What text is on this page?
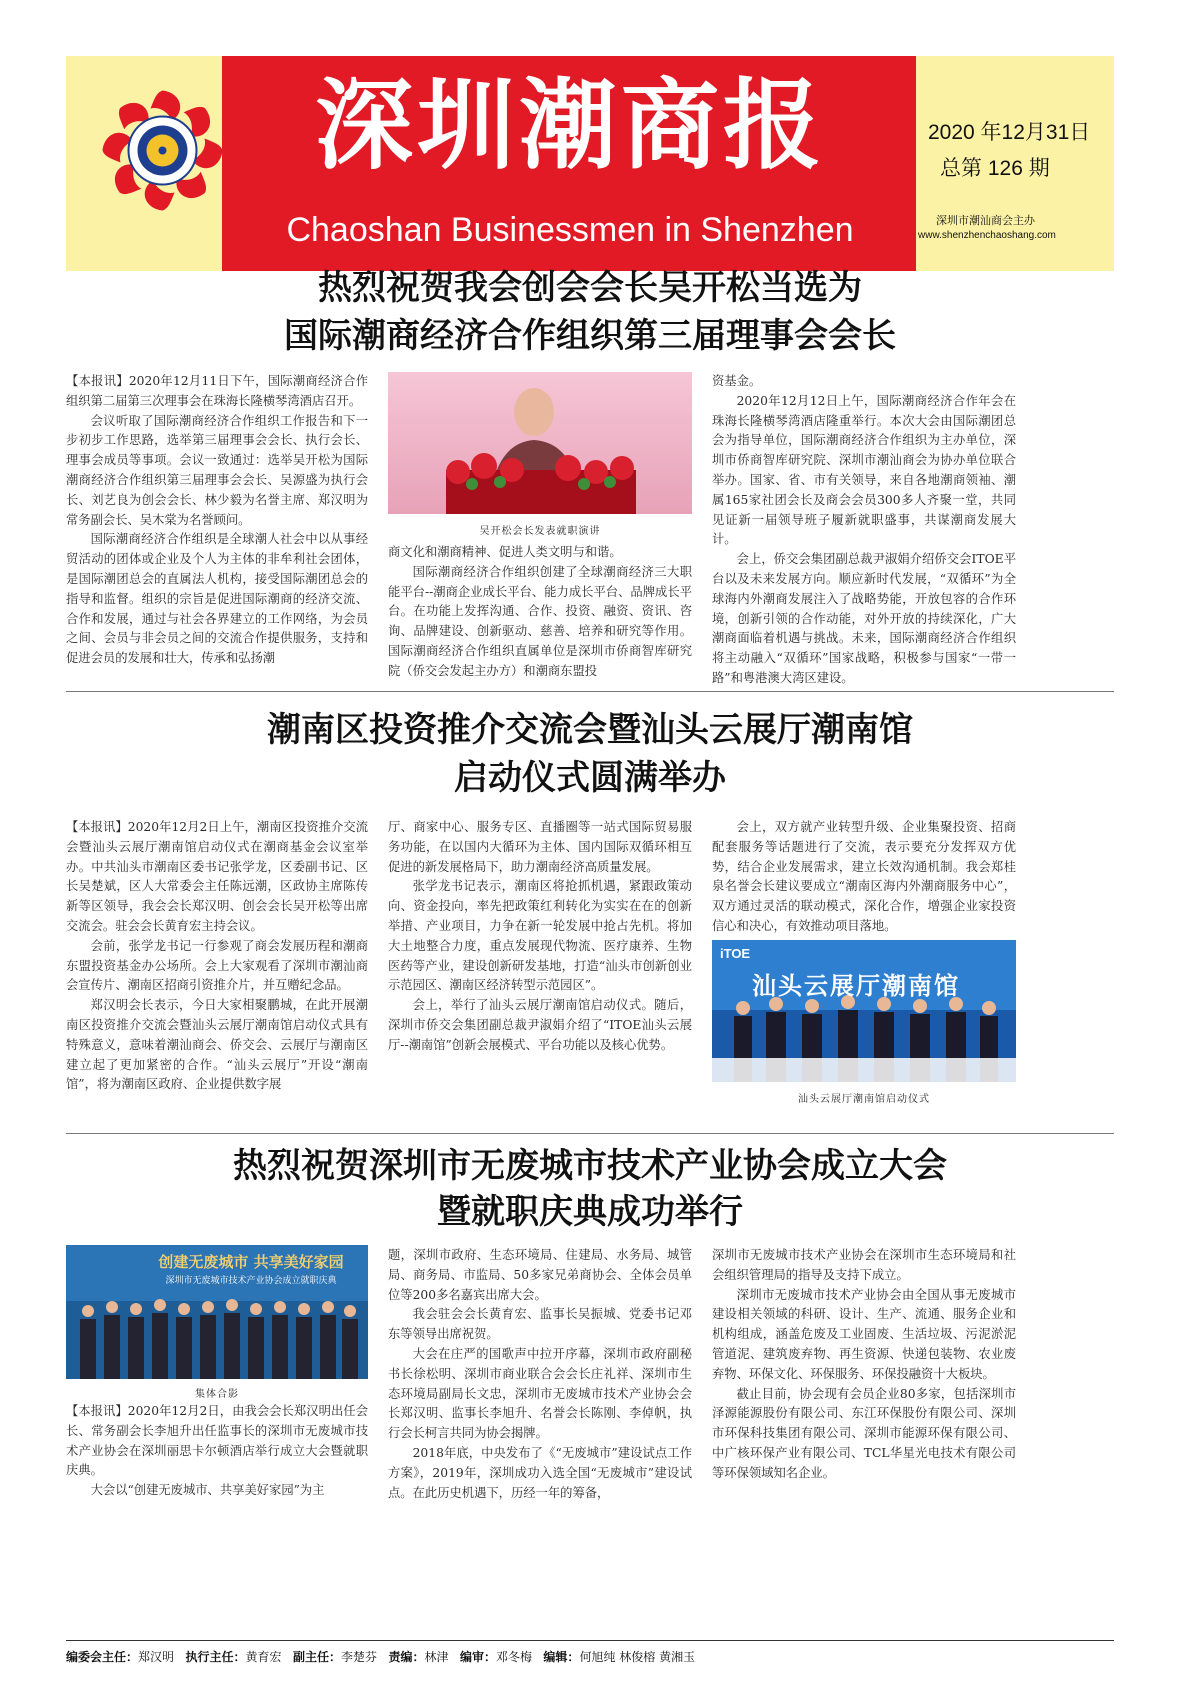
深圳潮商报
Chaoshan Businessmen in Shenzhen
2020 年12月31日
总第 126 期
深圳市潮汕商会主办
www.shenzhenchaoshang.com
热烈祝贺我会创会会长吴开松当选为
国际潮商经济合作组织第三届理事会会长

【本报讯】2020年12月11日下午，国际潮商经济合作组织第二届第三次理事会在珠海长隆横琴湾酒店召开。

会议听取了国际潮商经济合作组织工作报告和下一步初步工作思路，选举第三届理事会会长、执行会长、理事会成员等事项。会议一致通过：选举吴开松为国际潮商经济合作组织第三届理事会会长、吴源盛为执行会长、刘艺良为创会会长、林少毅为名誉主席、郑汉明为常务副会长、吴木棠为名誉顾问。

国际潮商经济合作组织是全球潮人社会中以从事经贸活动的团体或企业及个人为主体的非牟利社会团体，是国际潮团总会的直属法人机构，接受国际潮团总会的指导和监督。组织的宗旨是促进国际潮商的经济交流、合作和发展，通过与社会各界建立的工作网络，为会员之间、会员与非会员之间的交流合作提供服务，支持和促进会员的发展和壮大，传承和弘扬潮

吴开松会长发表就职演讲

商文化和潮商精神、促进人类文明与和谐。

国际潮商经济合作组织创建了全球潮商经济三大职能平台--潮商企业成长平台、能力成长平台、品牌成长平台。在功能上发挥沟通、合作、投资、融资、资讯、咨询、品牌建设、创新驱动、慈善、培养和研究等作用。国际潮商经济合作组织直属单位是深圳市侨商智库研究院（侨交会发起主办方）和潮商东盟投

资基金。

2020年12月12日上午，国际潮商经济合作年会在珠海长隆横琴湾酒店隆重举行。本次大会由国际潮团总会为指导单位，国际潮商经济合作组织为主办单位，深圳市侨商智库研究院、深圳市潮汕商会为协办单位联合举办。国家、省、市有关领导，来自各地潮商领袖、潮属165家社团会长及商会会员300多人齐聚一堂，共同见证新一届领导班子履新就职盛事，共谋潮商发展大计。

会上，侨交会集团副总裁尹淑娟介绍侨交会ITOE平台以及未来发展方向。顺应新时代发展，“双循环”为全球海内外潮商发展注入了战略势能，开放包容的合作环境，创新引领的合作动能，对外开放的持续深化，广大潮商面临着机遇与挑战。未来，国际潮商经济合作组织将主动融入“双循环”国家战略，积极参与国家“一带一路”和粤港澳大湾区建设。

潮南区投资推介交流会暨汕头云展厅潮南馆
启动仪式圆满举办

【本报讯】2020年12月2日上午，潮南区投资推介交流会暨汕头云展厅潮南馆启动仪式在潮商基金会议室举办。中共汕头市潮南区委书记张学龙，区委副书记、区长吴楚斌，区人大常委会主任陈远潮，区政协主席陈传新等区领导，我会会长郑汉明、创会会长吴开松等出席交流会。驻会会长黄育宏主持会议。

会前，张学龙书记一行参观了商会发展历程和潮商东盟投资基金办公场所。会上大家观看了深圳市潮汕商会宣传片、潮南区招商引资推介片，并互赠纪念品。

郑汉明会长表示，今日大家相聚鹏城，在此开展潮南区投资推介交流会暨汕头云展厅潮南馆启动仪式具有特殊意义，意味着潮汕商会、侨交会、云展厅与潮南区建立起了更加紧密的合作。“汕头云展厅”开设“潮南馆”，将为潮南区政府、企业提供数字展

厅、商家中心、服务专区、直播圈等一站式国际贸易服务功能，在以国内大循环为主体、国内国际双循环相互促进的新发展格局下，助力潮南经济高质量发展。

张学龙书记表示，潮南区将抢抓机遇，紧跟政策动向、资金投向，率先把政策红利转化为实实在在的创新举措、产业项目，力争在新一轮发展中抢占先机。将加大土地整合力度，重点发展现代物流、医疗康养、生物医药等产业，建设创新研发基地，打造“汕头市创新创业示范园区、潮南区经济转型示范园区”。

会上，举行了汕头云展厅潮南馆启动仪式。随后，深圳市侨交会集团副总裁尹淑娟介绍了“ITOE汕头云展厅--潮南馆”创新会展模式、平台功能以及核心优势。

会上，双方就产业转型升级、企业集聚投资、招商配套服务等话题进行了交流，表示要充分发挥双方优势，结合企业发展需求，建立长效沟通机制。我会郑桂泉名誉会长建议要成立“潮南区海内外潮商服务中心”，双方通过灵活的联动模式，深化合作，增强企业家投资信心和决心，有效推动项目落地。

iTOE
汕头云展厅潮南馆
汕头云展厅潮南馆启动仪式
热烈祝贺深圳市无废城市技术产业协会成立大会
暨就职庆典成功举行
创建无废城市 共享美好家园
深圳市无废城市技术产业协会成立就职庆典
集体合影

【本报讯】2020年12月2日，由我会会长郑汉明出任会长、常务副会长李旭升出任监事长的深圳市无废城市技术产业协会在深圳丽思卡尔顿酒店举行成立大会暨就职庆典。

大会以“创建无废城市、共享美好家园”为主

题，深圳市政府、生态环境局、住建局、水务局、城管局、商务局、市监局、50多家兄弟商协会、全体会员单位等200多名嘉宾出席大会。

我会驻会会长黄育宏、监事长吴振城、党委书记邓东等领导出席祝贺。

大会在庄严的国歌声中拉开序幕，深圳市政府副秘书长徐松明、深圳市商业联合会会长庄礼祥、深圳市生态环境局副局长文忠，深圳市无废城市技术产业协会会长郑汉明、监事长李旭升、名誉会长陈刚、李倬帆，执行会长柯言共同为协会揭牌。

2018年底，中央发布了《“无废城市”建设试点工作方案》，2019年，深圳成功入选全国“无废城市”建设试点。在此历史机遇下，历经一年的筹备，

深圳市无废城市技术产业协会在深圳市生态环境局和社会组织管理局的指导及支持下成立。

深圳市无废城市技术产业协会由全国从事无废城市建设相关领域的科研、设计、生产、流通、服务企业和机构组成，涵盖危废及工业固废、生活垃圾、污泥淤泥管道泥、建筑废弃物、再生资源、快递包装物、农业废弃物、环保文化、环保服务、环保投融资十大板块。

截止目前，协会现有会员企业80多家，包括深圳市泽源能源股份有限公司、东江环保股份有限公司、深圳市环保科技集团有限公司、深圳市能源环保有限公司、中广核环保产业有限公司、TCL华星光电技术有限公司等环保领域知名企业。

编委会主任：郑汉明 执行主任：黄育宏 副主任：李楚芬 责编：林津 编审：邓冬梅 编辑：何旭纯 林俊榕 黄湘玉
